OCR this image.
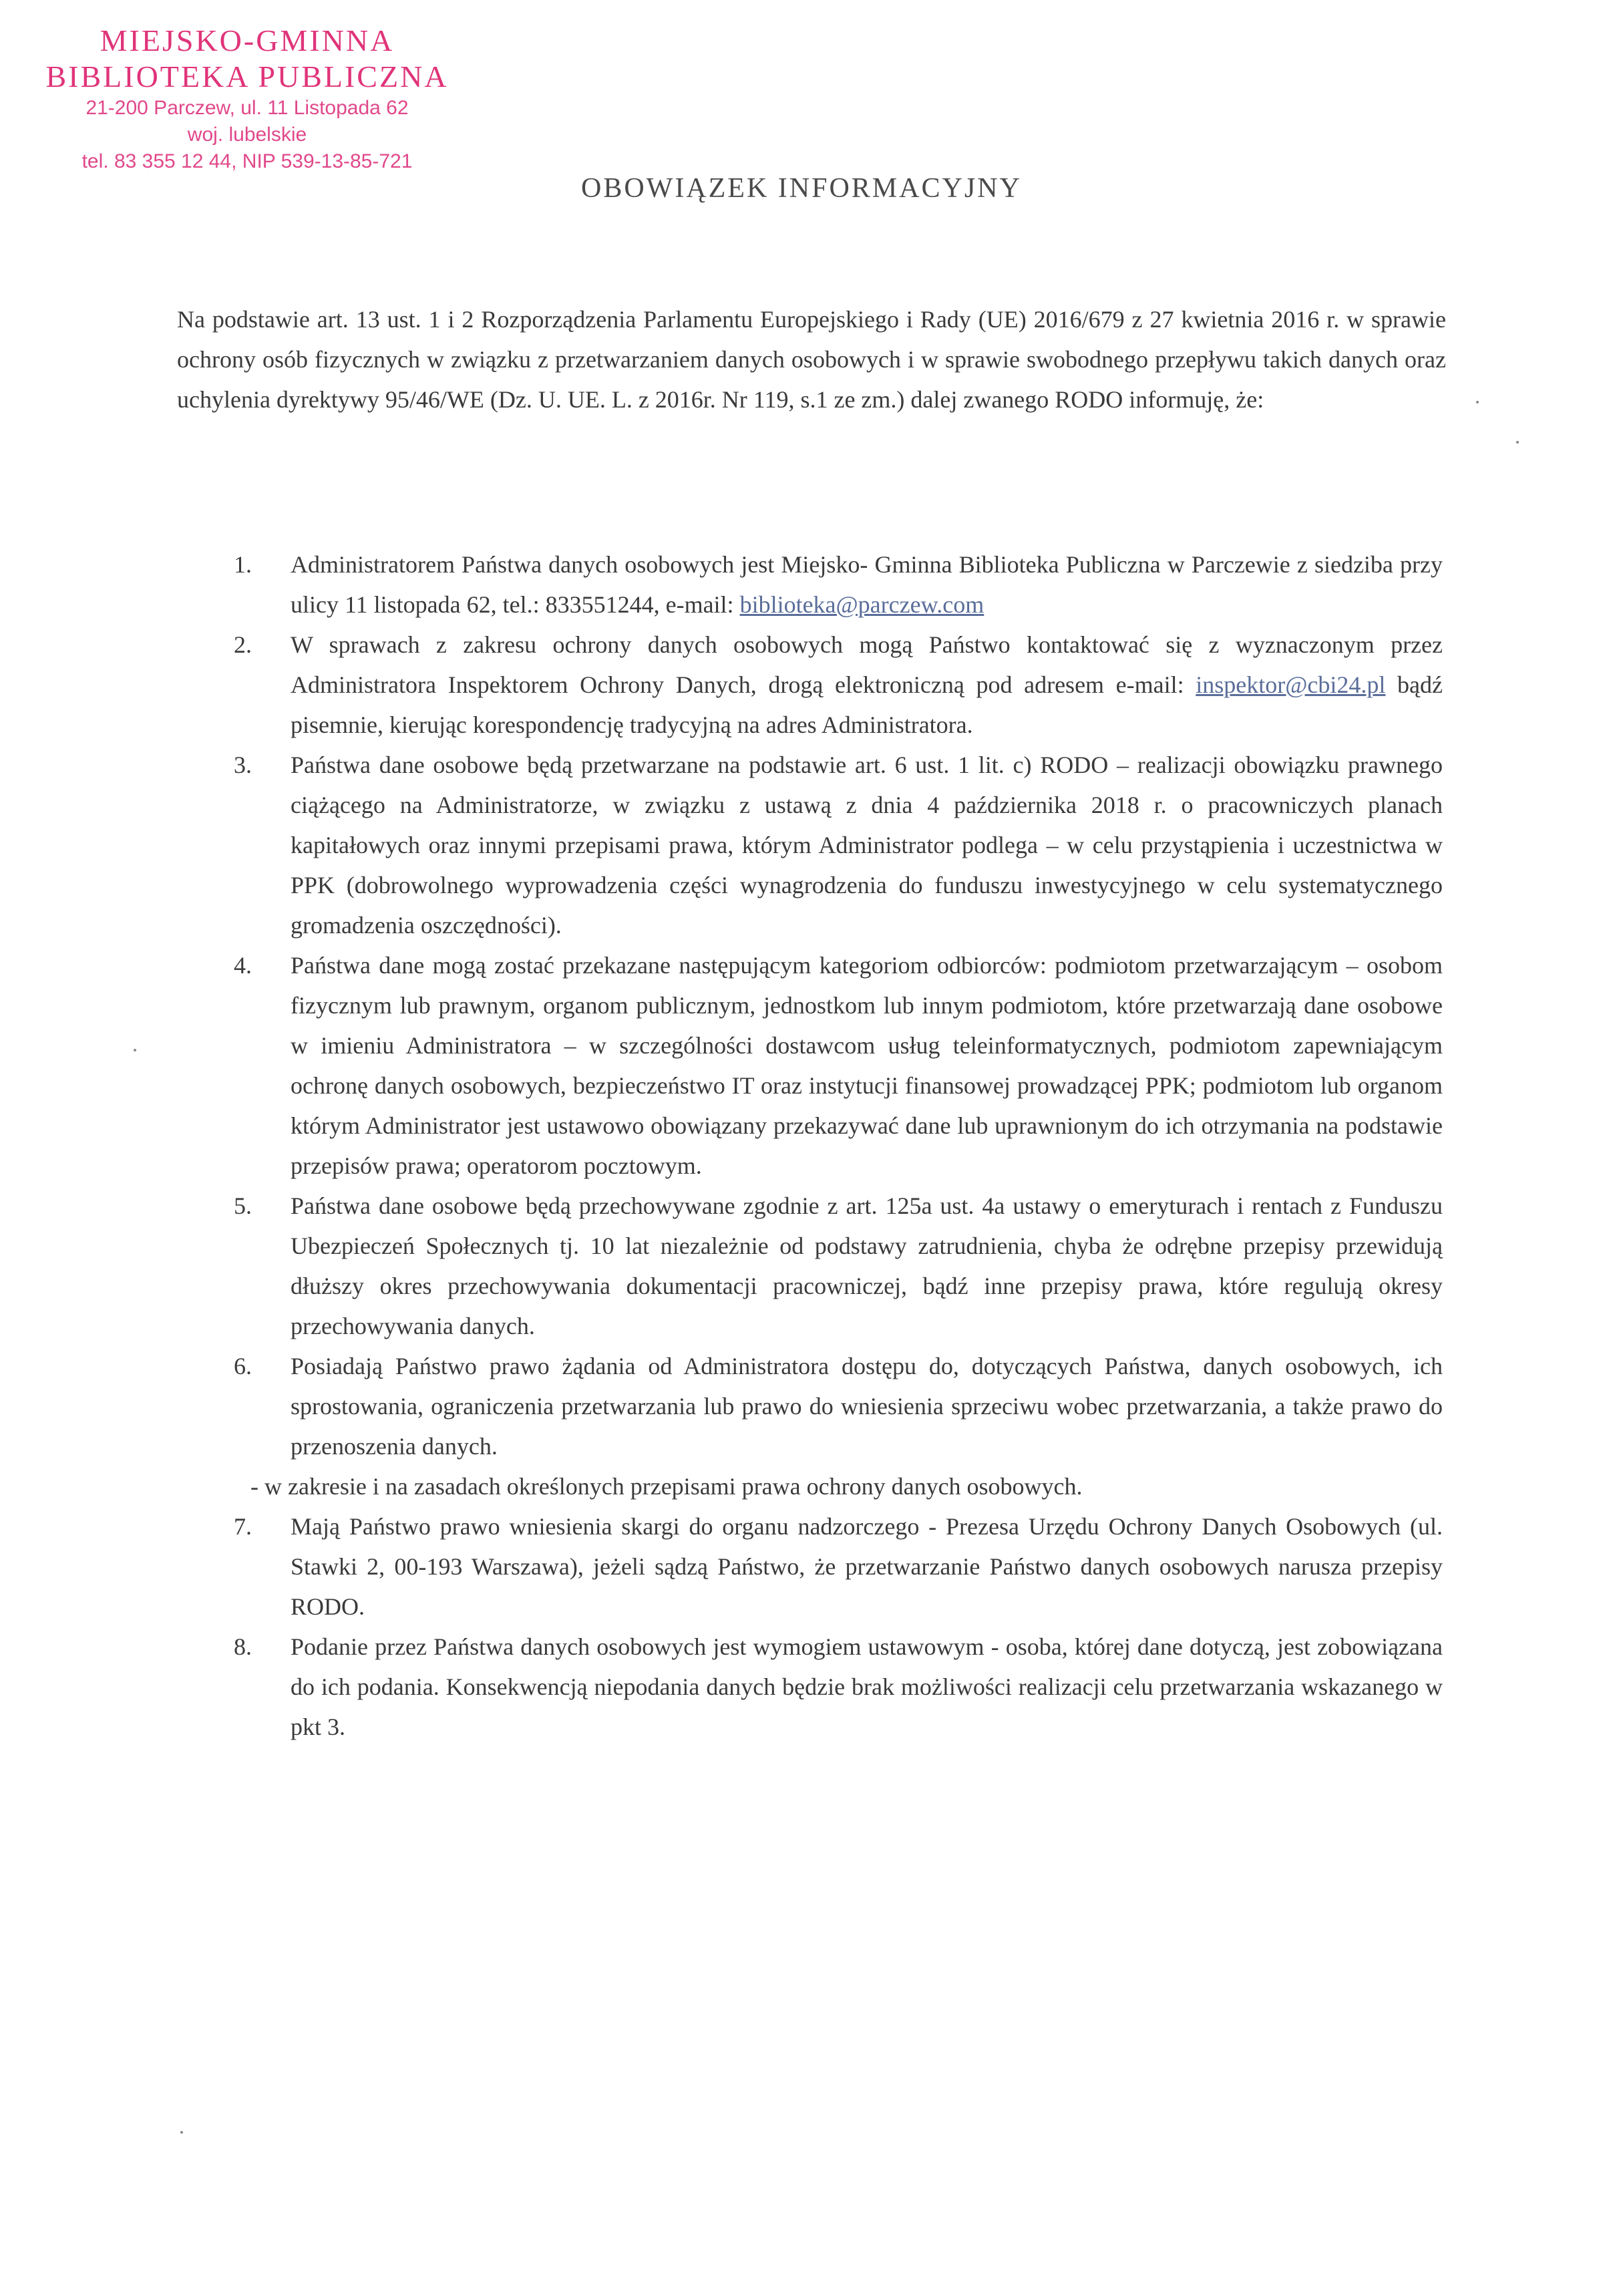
MIEJSKO-GMINNA
BIBLIOTEKA PUBLICZNA
21-200 Parczew, ul. 11 Listopada 62
woj. lubelskie
tel. 83 355 12 44, NIP 539-13-85-721
OBOWIĄZEK INFORMACYJNY

Na podstawie art. 13 ust. 1 i 2 Rozporządzenia Parlamentu Europejskiego i Rady (UE) 2016/679 z 27 kwietnia 2016 r. w sprawie ochrony osób fizycznych w związku z przetwarzaniem danych osobowych i w sprawie swobodnego przepływu takich danych oraz uchylenia dyrektywy 95/46/WE (Dz. U. UE. L. z 2016r. Nr 119, s.1 ze zm.) dalej zwanego RODO informuję, że:

1. Administratorem Państwa danych osobowych jest Miejsko- Gminna Biblioteka Publiczna w Parczewie z siedziba przy ulicy 11 listopada 62, tel.: 833551244, e-mail: biblioteka@parczew.com
2. W sprawach z zakresu ochrony danych osobowych mogą Państwo kontaktować się z wyznaczonym przez Administratora Inspektorem Ochrony Danych, drogą elektroniczną pod adresem e-mail: inspektor@cbi24.pl bądź pisemnie, kierując korespondencję tradycyjną na adres Administratora.
3. Państwa dane osobowe będą przetwarzane na podstawie art. 6 ust. 1 lit. c) RODO – realizacji obowiązku prawnego ciążącego na Administratorze, w związku z ustawą z dnia 4 października 2018 r. o pracowniczych planach kapitałowych oraz innymi przepisami prawa, którym Administrator podlega – w celu przystąpienia i uczestnictwa w PPK (dobrowolnego wyprowadzenia części wynagrodzenia do funduszu inwestycyjnego w celu systematycznego gromadzenia oszczędności).
4. Państwa dane mogą zostać przekazane następującym kategoriom odbiorców: podmiotom przetwarzającym – osobom fizycznym lub prawnym, organom publicznym, jednostkom lub innym podmiotom, które przetwarzają dane osobowe w imieniu Administratora – w szczególności dostawcom usług teleinformatycznych, podmiotom zapewniającym ochronę danych osobowych, bezpieczeństwo IT oraz instytucji finansowej prowadzącej PPK; podmiotom lub organom którym Administrator jest ustawowo obowiązany przekazywać dane lub uprawnionym do ich otrzymania na podstawie przepisów prawa; operatorom pocztowym.
5. Państwa dane osobowe będą przechowywane zgodnie z art. 125a ust. 4a ustawy o emeryturach i rentach z Funduszu Ubezpieczeń Społecznych tj. 10 lat niezależnie od podstawy zatrudnienia, chyba że odrębne przepisy przewidują dłuższy okres przechowywania dokumentacji pracowniczej, bądź inne przepisy prawa, które regulują okresy przechowywania danych.
6. Posiadają Państwo prawo żądania od Administratora dostępu do, dotyczących Państwa, danych osobowych, ich sprostowania, ograniczenia przetwarzania lub prawo do wniesienia sprzeciwu wobec przetwarzania, a także prawo do przenoszenia danych.

- w zakresie i na zasadach określonych przepisami prawa ochrony danych osobowych.

7. Mają Państwo prawo wniesienia skargi do organu nadzorczego - Prezesa Urzędu Ochrony Danych Osobowych (ul. Stawki 2, 00-193 Warszawa), jeżeli sądzą Państwo, że przetwarzanie Państwo danych osobowych narusza przepisy RODO.
8. Podanie przez Państwa danych osobowych jest wymogiem ustawowym - osoba, której dane dotyczą, jest zobowiązana do ich podania. Konsekwencją niepodania danych będzie brak możliwości realizacji celu przetwarzania wskazanego w pkt 3.
